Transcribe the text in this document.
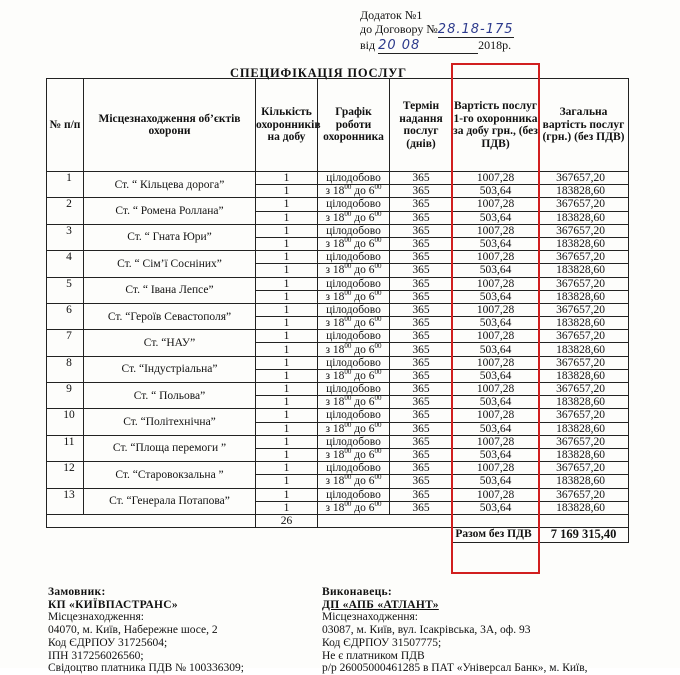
Додаток №1
до Договору №28.18-175
від 20 08	2018р.
СПЕЦИФІКАЦІЯ ПОСЛУГ
№ п/п	Місцезнаходження об’єктів охорони	Кількість охоронників на добу	Графік роботи охоронника	Термін надання послуг (днів)	Вартість послуг 1-го охоронника за добу грн., (без ПДВ)	Загальна вартість послуг (грн.) (без ПДВ)
1	Ст. “ Кільцева дорога”	1	цілодобово	365	1007,28	367657,20
		1	з $18^{00}$ до $6^{00}$	365	503,64	183828,60
2	Ст. “ Ромена Роллана”	1	цілодобово	365	1007,28	367657,20
		1	з $18^{00}$ до $6^{00}$	365	503,64	183828,60
3	Ст. “ Гната Юри”	1	цілодобово	365	1007,28	367657,20
		1	з $18^{00}$ до $6^{00}$	365	503,64	183828,60
4	Ст. “ Сім’ї Сосніних”	1	цілодобово	365	1007,28	367657,20
		1	з $18^{00}$ до $6^{00}$	365	503,64	183828,60
5	Ст. “ Івана Лепсе”	1	цілодобово	365	1007,28	367657,20
		1	з $18^{00}$ до $6^{00}$	365	503,64	183828,60
6	Ст. “Героїв Севастополя”	1	цілодобово	365	1007,28	367657,20
		1	з $18^{00}$ до $6^{00}$	365	503,64	183828,60
7	Ст. “НАУ”	1	цілодобово	365	1007,28	367657,20
		1	з $18^{00}$ до $6^{00}$	365	503,64	183828,60
8	Ст. “Індустріальна”	1	цілодобово	365	1007,28	367657,20
		1	з $18^{00}$ до $6^{00}$	365	503,64	183828,60
9	Ст. “ Польова”	1	цілодобово	365	1007,28	367657,20
		1	з $18^{00}$ до $6^{00}$	365	503,64	183828,60
10	Ст. “Політехнічна”	1	цілодобово	365	1007,28	367657,20
		1	з $18^{00}$ до $6^{00}$	365	503,64	183828,60
11	Ст. “Площа перемоги ”	1	цілодобово	365	1007,28	367657,20
		1	з $18^{00}$ до $6^{00}$	365	503,64	183828,60
12	Ст. “Старовокзальна ”	1	цілодобово	365	1007,28	367657,20
		1	з $18^{00}$ до $6^{00}$	365	503,64	183828,60
13	Ст. “Генерала Потапова”	1	цілодобово	365	1007,28	367657,20
		1	з $18^{00}$ до $6^{00}$	365	503,64	183828,60
		26				
					Разом без ПДВ	7 169 315,40
Замовник:
КП «КИЇВПАСТРАНС»
Місцезнаходження:
04070, м. Київ, Набережне шосе, 2
Код ЄДРПОУ 31725604;
ІПН 317256026560;
Свідоцтво платника ПДВ № 100336309;
Виконавець:
ДП «АПБ «АТЛАНТ»
Місцезнаходження:
03087, м. Київ, вул. Ісакрівська, 3А, оф. 93
Код ЄДРПОУ 31507775;
Не є платником ПДВ
р/р 26005000461285 в ПАТ «Універсал Банк», м. Київ,
